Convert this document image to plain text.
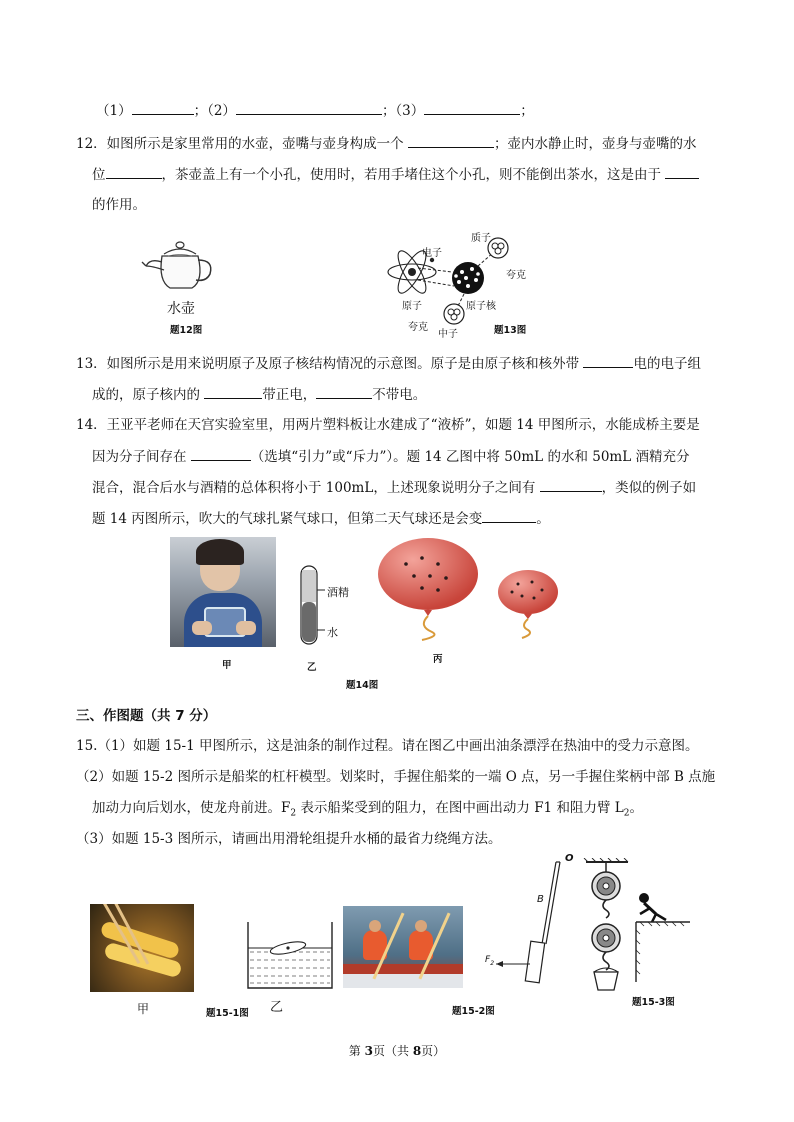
（1）	；（2）	；（3）	；
12．如图所示是家里常用的水壶，壶嘴与壶身构成一个	；壶内水静止时，壶身与壶嘴的水
位	，茶壶盖上有一个小孔，使用时，若用手堵住这个小孔，则不能倒出茶水，这是由于
的作用。
水壶
题12图
质子
电子
夸克
原子	原子核
夸克
中子	题13图
13．如图所示是用来说明原子及原子核结构情况的示意图。原子是由原子核和核外带	电的电子组
成的，原子核内的	带正电，	不带电。
14．王亚平老师在天宫实验室里，用两片塑料板让水建成了“液桥”，如题 14 甲图所示，水能成桥主要是
因为分子间存在	（选填“引力”或“斥力”）。题 14 乙图中将 50mL 的水和 50mL 酒精充分
混合，混合后水与酒精的总体积将小于 100mL，上述现象说明分子之间有	，类似的例子如
题 14 丙图所示，吹大的气球扎紧气球口，但第二天气球还是会变	。
甲
酒精
水
乙
丙
题14图
三、作图题（共 7 分）
15.（1）如题 15-1 甲图所示，这是油条的制作过程。请在图乙中画出油条漂浮在热油中的受力示意图。
（2）如题 15-2 图所示是船桨的杠杆模型。划桨时，手握住船桨的一端 O 点，另一手握住桨柄中部 B 点施
加动力向后划水，使龙舟前进。$F_2$ 表示船桨受到的阻力，在图中画出动力 F1 和阻力臂 $L_2$。
（3）如题 15-3 图所示，请画出用滑轮组提升水桶的最省力绕绳方法。
甲	题15-1图 乙	题15-2图
O
B
$F_2$
题15-3图
第 3页（共 8页）
